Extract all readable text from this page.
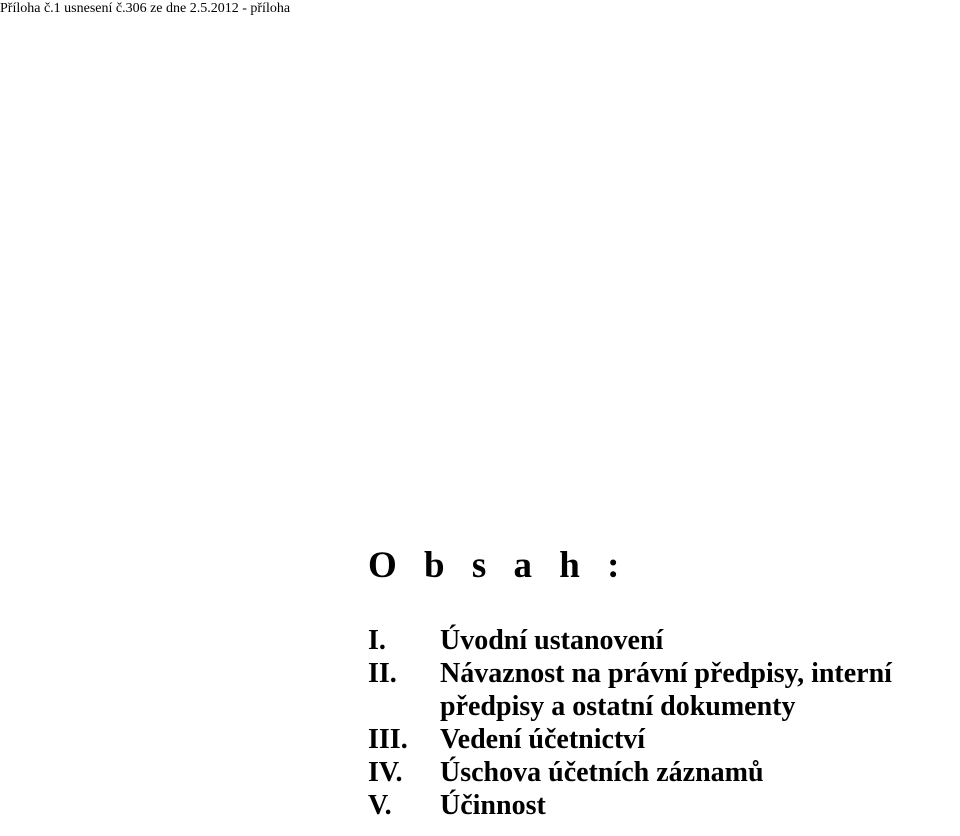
Příloha č.1 usnesení č.306 ze dne 2.5.2012 - příloha
O b s a h :
I.	Úvodní ustanovení
II.	Návaznost na právní předpisy, interní
předpisy a ostatní dokumenty
III.	Vedení účetnictví
IV.	Úschova účetních záznamů
V.	Účinnost
